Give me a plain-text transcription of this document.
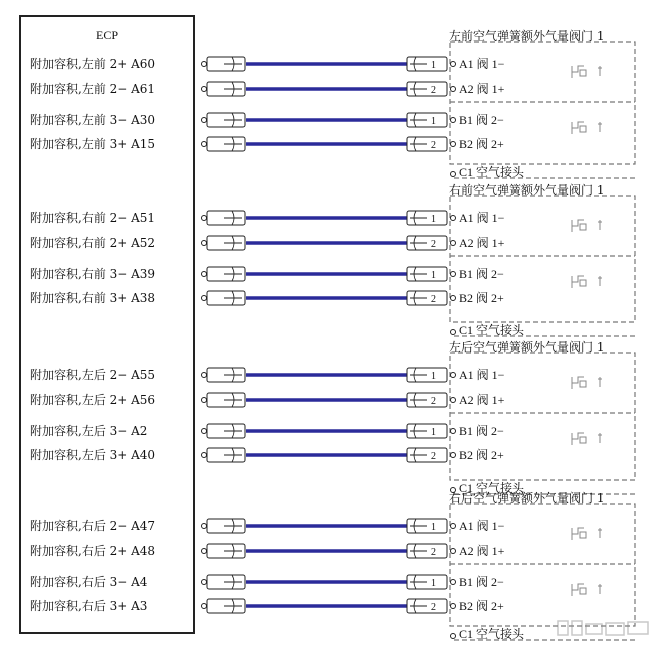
ECP	左前空气弹簧额外气量阀门 1
C1 空气接头
附加容积,左前 2+ A60	1 A1 阀 1−
附加容积,左前 2− A61	2 A2 阀 1+
附加容积,左前 3− A30	1 B1 阀 2−
附加容积,左前 3+ A15	2 B2 阀 2+
右前空气弹簧额外气量阀门 1
C1 空气接头
附加容积,右前 2− A51	1 A1 阀 1−
附加容积,右前 2+ A52	2 A2 阀 1+
附加容积,右前 3− A39	1 B1 阀 2−
附加容积,右前 3+ A38	2 B2 阀 2+
左后空气弹簧额外气量阀门 1
C1 空气接头
附加容积,左后 2− A55	1 A1 阀 1−
附加容积,左后 2+ A56	2 A2 阀 1+
附加容积,左后 3− A2	1 B1 阀 2−
附加容积,左后 3+ A40	2 B2 阀 2+
右后空气弹簧额外气量阀门 1
C1 空气接头
附加容积,右后 2− A47	1 A1 阀 1−
附加容积,右后 2+ A48	2 A2 阀 1+
附加容积,右后 3− A4	1 B1 阀 2−
附加容积,右后 3+ A3	2 B2 阀 2+
